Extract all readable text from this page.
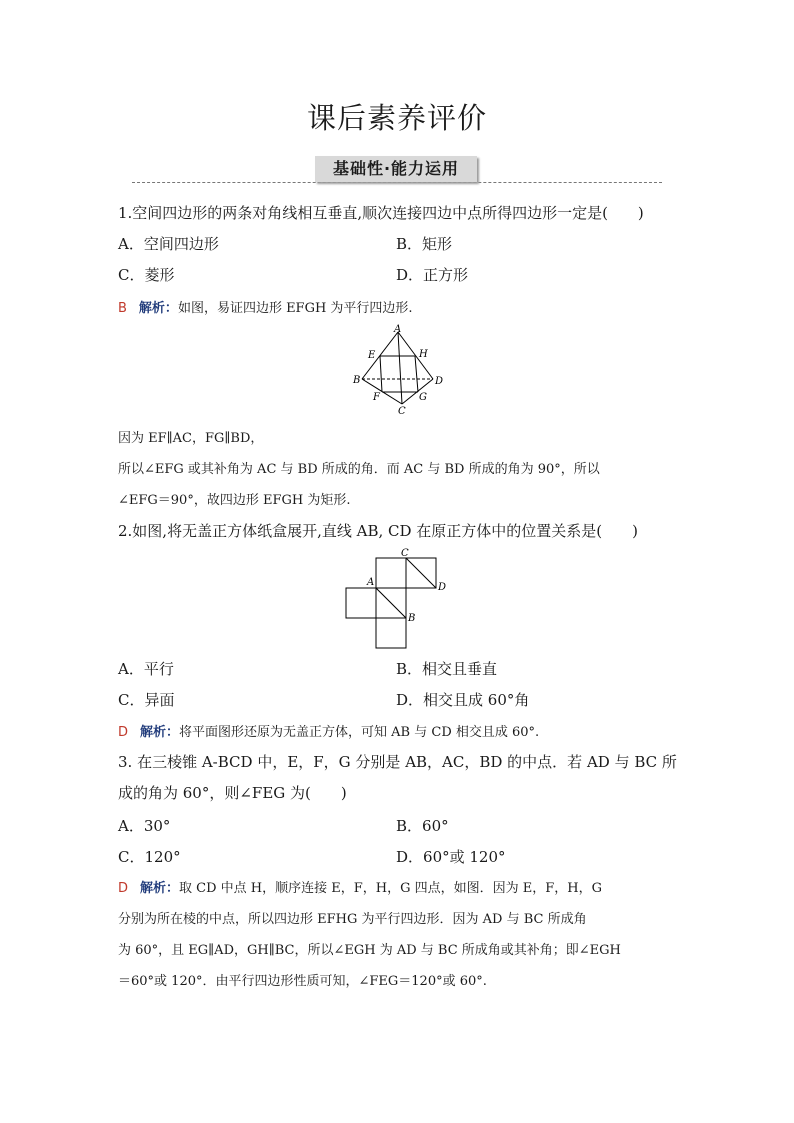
课后素养评价
基础性·能力运用
1.空间四边形的两条对角线相互垂直,顺次连接四边中点所得四边形一定是(　　)
A．空间四边形	B．矩形
C．菱形	D．正方形
B 解析：如图，易证四边形 EFGH 为平行四边形.
A
E	H
B	D
F	G
C
因为 EF∥AC，FG∥BD，
所以∠EFG 或其补角为 AC 与 BD 所成的角．而 AC 与 BD 所成的角为 90°，所以
∠EFG＝90°，故四边形 EFGH 为矩形.
2.如图,将无盖正方体纸盒展开,直线 AB, CD 在原正方体中的位置关系是(　　)
C
A	D
B
A．平行	B．相交且垂直
C．异面	D．相交且成 60°角
D 解析：将平面图形还原为无盖正方体，可知 AB 与 CD 相交且成 60°.
3. 在三棱锥 A-BCD 中，E，F，G 分别是 AB，AC，BD 的中点．若 AD 与 BC 所
成的角为 60°，则∠FEG 为(　　)
A．30°	B．60°
C．120°	D．60°或 120°
D 解析：取 CD 中点 H，顺序连接 E，F，H，G 四点，如图．因为 E，F，H，G
分别为所在棱的中点，所以四边形 EFHG 为平行四边形．因为 AD 与 BC 所成角
为 60°，且 EG∥AD，GH∥BC，所以∠EGH 为 AD 与 BC 所成角或其补角；即∠EGH
＝60°或 120°．由平行四边形性质可知，∠FEG＝120°或 60°.
